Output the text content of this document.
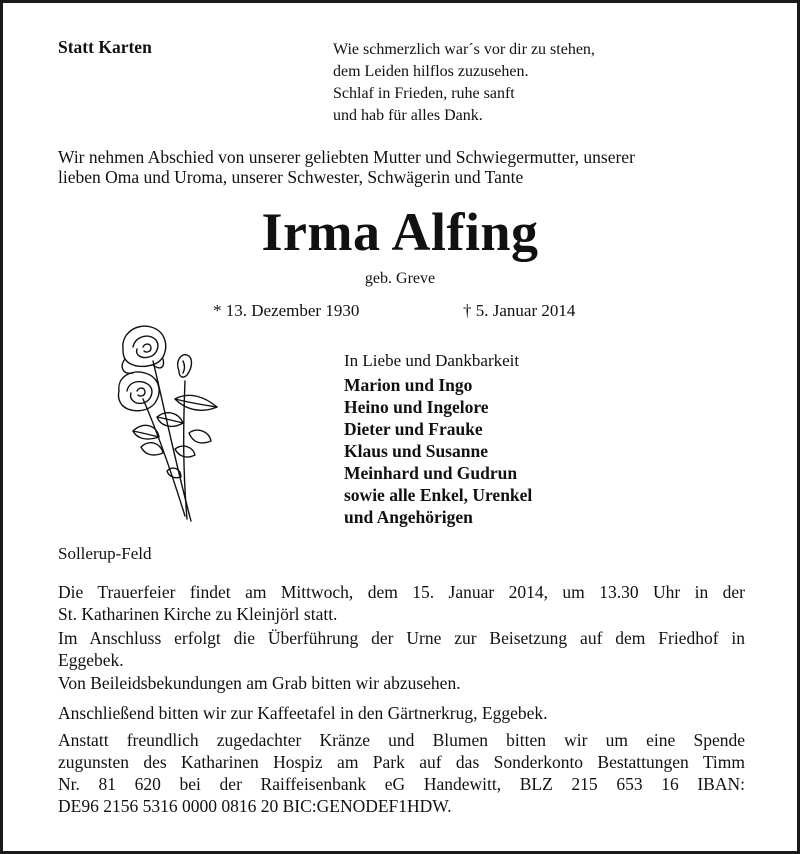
Statt Karten	Wie schmerzlich war´s vor dir zu stehen,
dem Leiden hilflos zuzusehen.
Schlaf in Frieden, ruhe sanft
und hab für alles Dank.
Wir nehmen Abschied von unserer geliebten Mutter und Schwiegermutter, unserer
lieben Oma und Uroma, unserer Schwester, Schwägerin und Tante
Irma Alfing
geb. Greve
* 13. Dezember 1930	† 5. Januar 2014
In Liebe und Dankbarkeit
Marion und Ingo
Heino und Ingelore
Dieter und Frauke
Klaus und Susanne
Meinhard und Gudrun
sowie alle Enkel, Urenkel
und Angehörigen
Sollerup-Feld
Die Trauerfeier findet am Mittwoch, dem 15. Januar 2014, um 13.30 Uhr in der
St. Katharinen Kirche zu Kleinjörl statt.
Im Anschluss erfolgt die Überführung der Urne zur Beisetzung auf dem Friedhof in
Eggebek.
Von Beileidsbekundungen am Grab bitten wir abzusehen.
Anschließend bitten wir zur Kaffeetafel in den Gärtnerkrug, Eggebek.
Anstatt freundlich zugedachter Kränze und Blumen bitten wir um eine Spende
zugunsten des Katharinen Hospiz am Park auf das Sonderkonto Bestattungen Timm
Nr. 81 620 bei der Raiffeisenbank eG Handewitt, BLZ 215 653 16 IBAN:
DE96 2156 5316 0000 0816 20 BIC:GENODEF1HDW.
